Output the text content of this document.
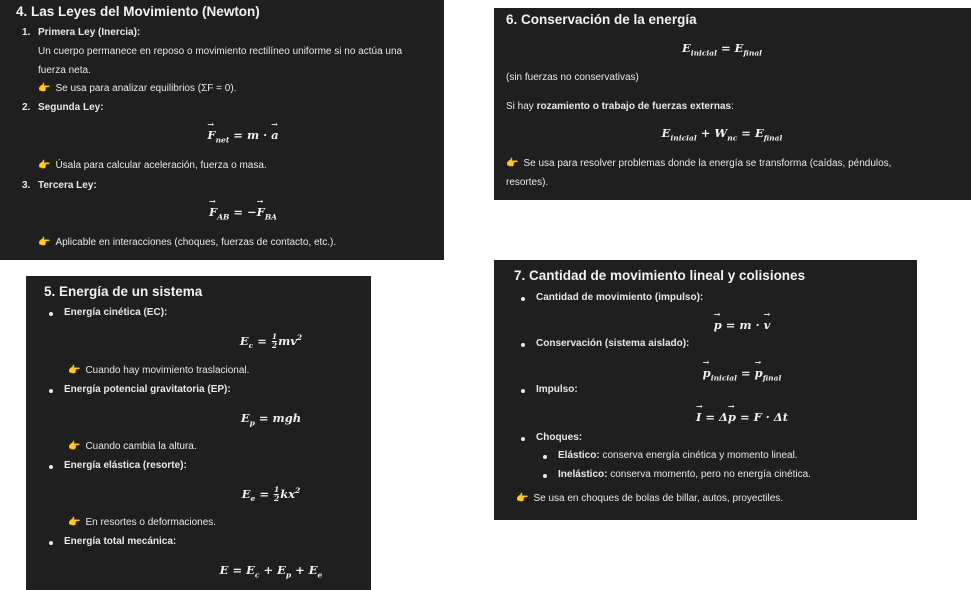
4. Las Leyes del Movimiento (Newton)
1. Primera Ley (Inercia):
Un cuerpo permanece en reposo o movimiento rectilíneo uniforme si no actúa una
fuerza neta.
👉 Se usa para analizar equilibrios (ΣF = 0).
2. Segunda Ley:
→ $F_{net} = m$ · → a
👉 Úsala para calcular aceleración, fuerza o masa.
3. Tercera Ley:
→ $F_{AB}$ = −→ $F_{BA}$
👉 Aplicable en interacciones (choques, fuerzas de contacto, etc.).
6. Conservación de la energía
$E_{inicial} = E_{final}$
(sin fuerzas no conservativas)
Si hay rozamiento o trabajo de fuerzas externas:
$E_{inicial} + W_{nc} = E_{final}$
👉 Se usa para resolver problemas donde la energía se transforma (caídas, péndulos,
resortes).
5. Energía de un sistema
Energía cinética (EC):
$E_c = \frac{1}{2} mv^2$
👉 Cuando hay movimiento traslacional.
Energía potencial gravitatoria (EP):
$E_p$ = mgh
👉 Cuando cambia la altura.
Energía elástica (resorte):
$E_e = \frac{1}{2} kx^2$
👉 En resortes o deformaciones.
Energía total mecánica:
$E = E_c + E_p + E_e$
7. Cantidad de movimiento lineal y colisiones
Cantidad de movimiento (impulso):
→ p = m · → v
Conservación (sistema aislado):
→ $p_{inicial}$ = → $p_{final}$
Impulso:
→ I = Δ→ p = F · Δt
Choques:
Elástico: conserva energía cinética y momento lineal.
Inelástico: conserva momento, pero no energía cinética.
👉 Se usa en choques de bolas de billar, autos, proyectiles.
